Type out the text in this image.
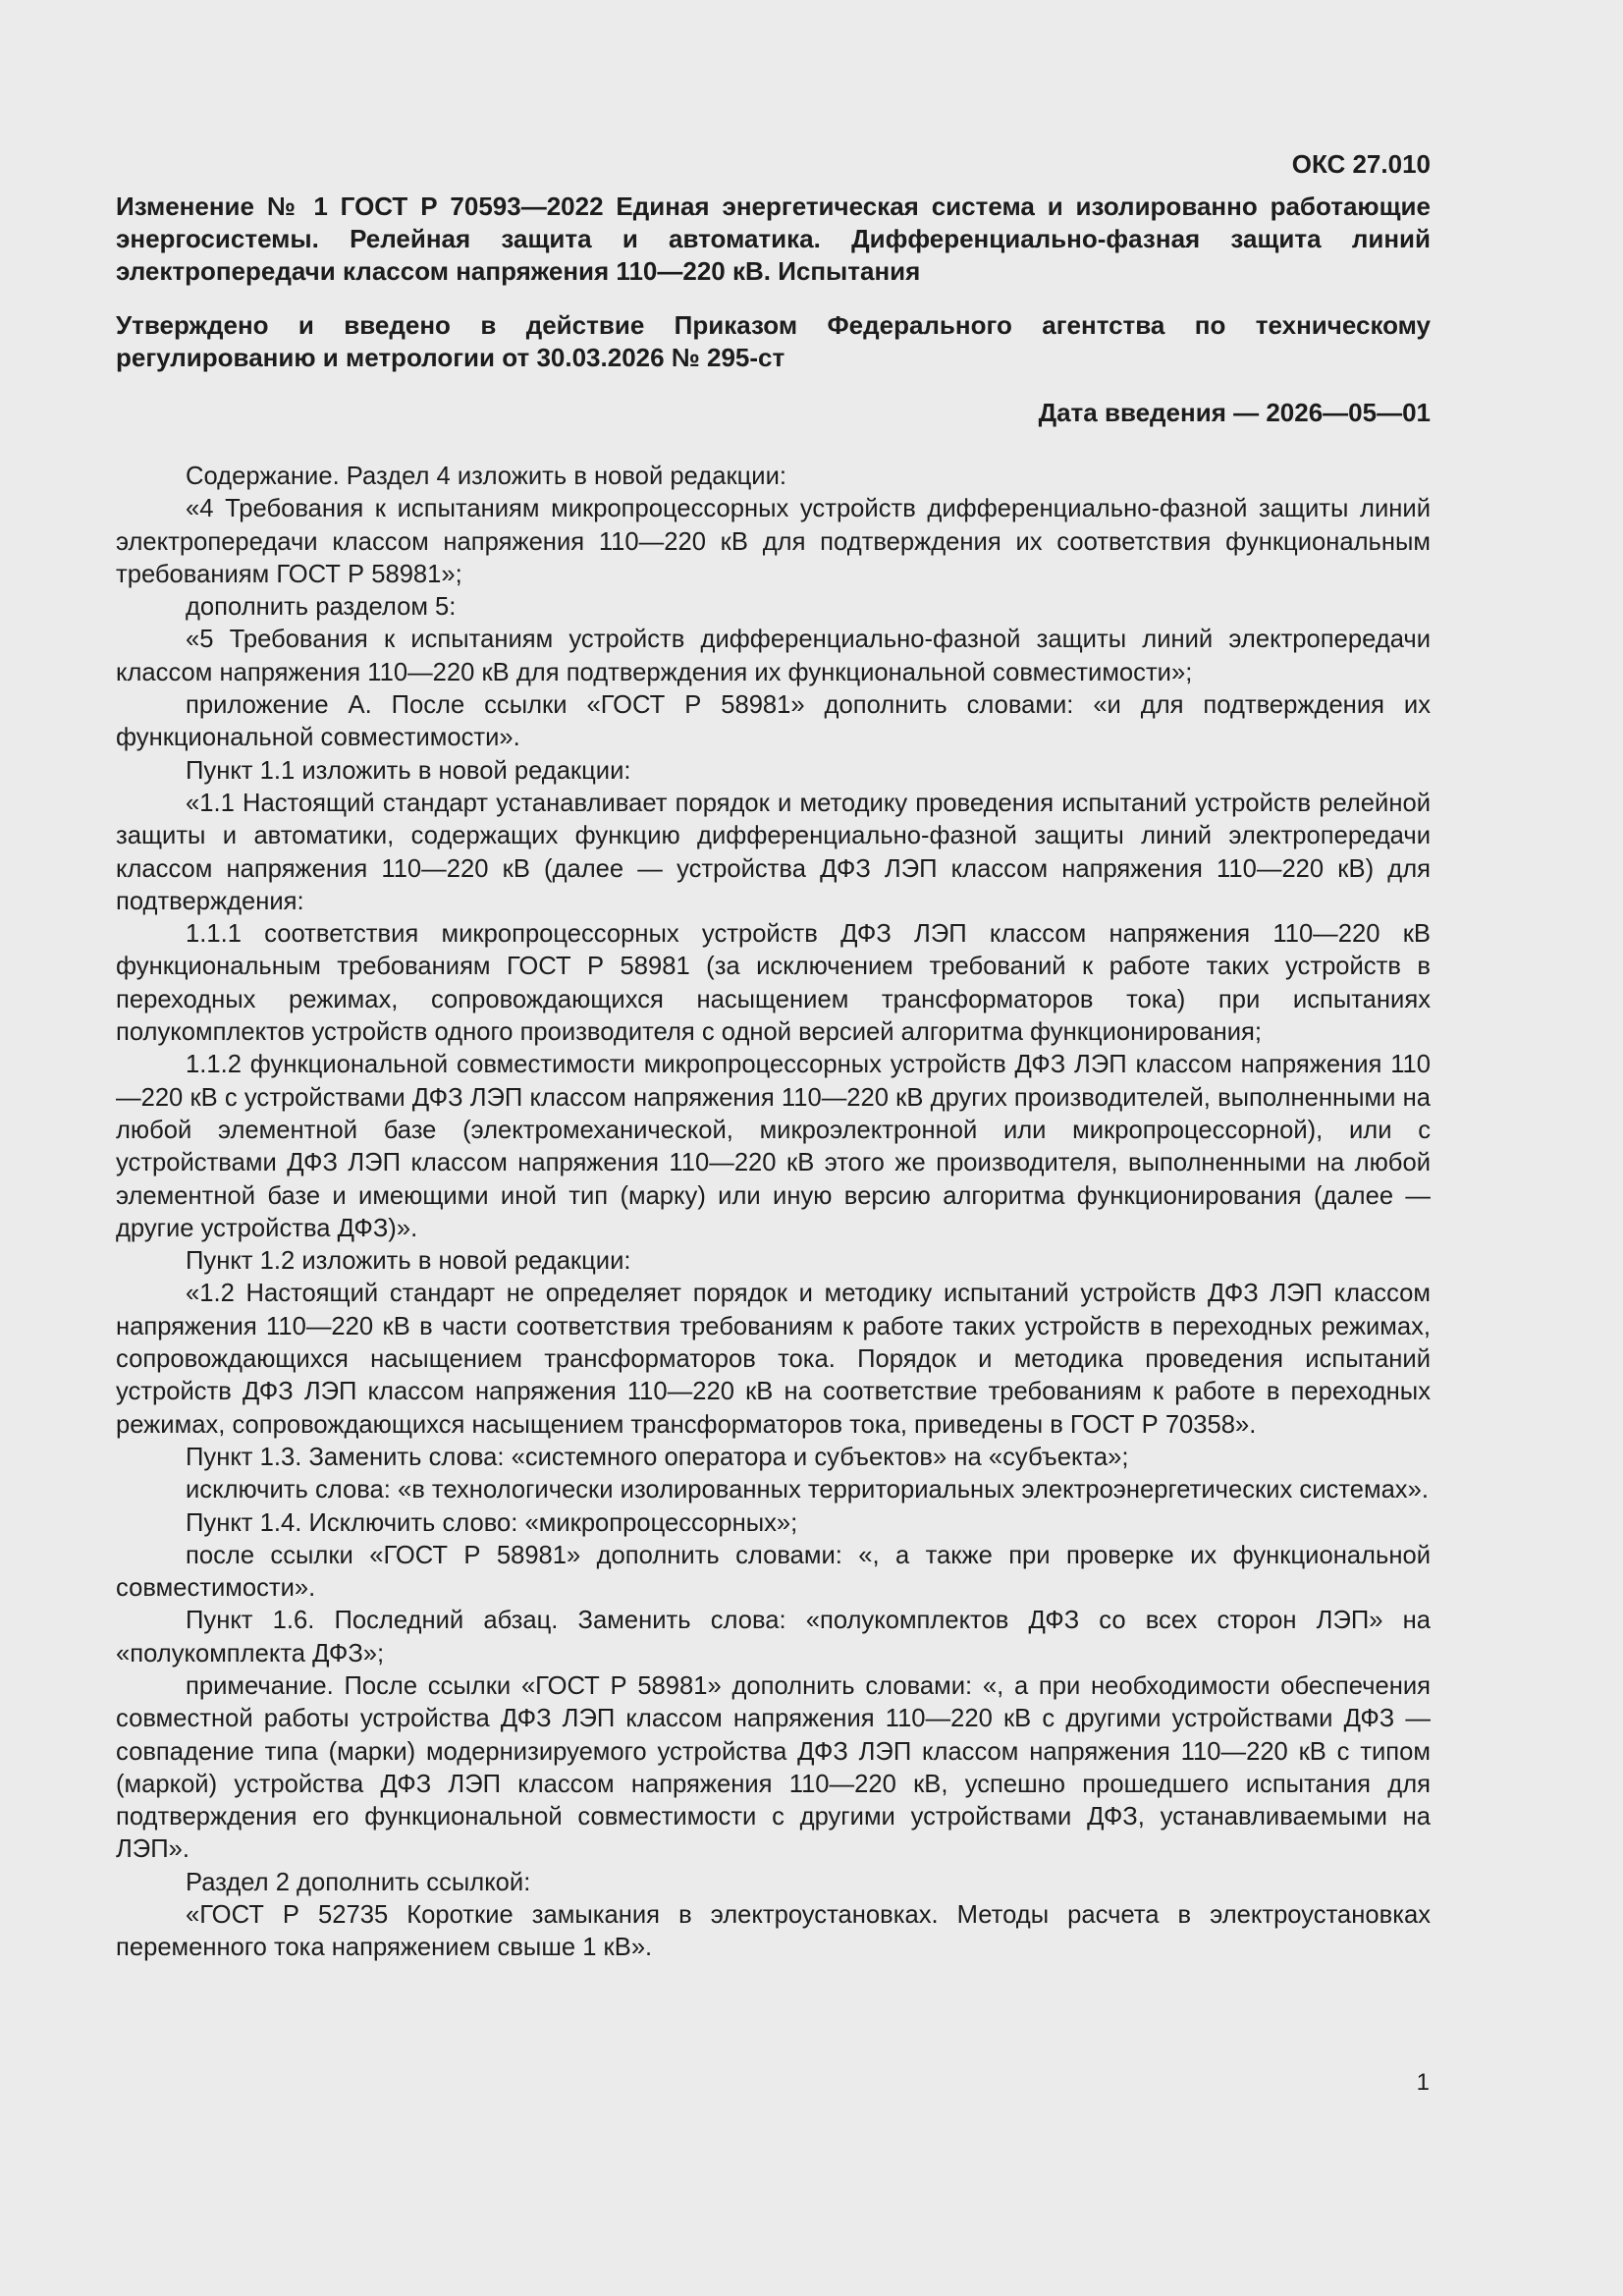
ОКС 27.010
Изменение № 1 ГОСТ Р 70593—2022 Единая энергетическая система и изолированно работающие энергосистемы. Релейная защита и автоматика. Дифференциально-фазная защита линий электропередачи классом напряжения 110—220 кВ. Испытания
Утверждено и введено в действие Приказом Федерального агентства по техническому регулированию и метрологии от 30.03.2026 № 295-ст
Дата введения — 2026—05—01

Содержание. Раздел 4 изложить в новой редакции:

«4 Требования к испытаниям микропроцессорных устройств дифференциально-фазной защиты линий электропередачи классом напряжения 110—220 кВ для подтверждения их соответствия функциональным требованиям ГОСТ Р 58981»;

дополнить разделом 5:

«5 Требования к испытаниям устройств дифференциально-фазной защиты линий электропередачи классом напряжения 110—220 кВ для подтверждения их функциональной совместимости»;

приложение А. После ссылки «ГОСТ Р 58981» дополнить словами: «и для подтверждения их функциональной совместимости».

Пункт 1.1 изложить в новой редакции:

«1.1 Настоящий стандарт устанавливает порядок и методику проведения испытаний устройств релейной защиты и автоматики, содержащих функцию дифференциально-фазной защиты линий электропередачи классом напряжения 110—220 кВ (далее — устройства ДФЗ ЛЭП классом напряжения 110—220 кВ) для подтверждения:

1.1.1 соответствия микропроцессорных устройств ДФЗ ЛЭП классом напряжения 110—220 кВ функциональным требованиям ГОСТ Р 58981 (за исключением требований к работе таких устройств в переходных режимах, сопровождающихся насыщением трансформаторов тока) при испытаниях полукомплектов устройств одного производителя с одной версией алгоритма функционирования;

1.1.2 функциональной совместимости микропроцессорных устройств ДФЗ ЛЭП классом напряжения 110—220 кВ с устройствами ДФЗ ЛЭП классом напряжения 110—220 кВ других производителей, выполненными на любой элементной базе (электромеханической, микроэлектронной или микропроцессорной), или с устройствами ДФЗ ЛЭП классом напряжения 110—220 кВ этого же производителя, выполненными на любой элементной базе и имеющими иной тип (марку) или иную версию алгоритма функционирования (далее — другие устройства ДФЗ)».

Пункт 1.2 изложить в новой редакции:

«1.2 Настоящий стандарт не определяет порядок и методику испытаний устройств ДФЗ ЛЭП классом напряжения 110—220 кВ в части соответствия требованиям к работе таких устройств в переходных режимах, сопровождающихся насыщением трансформаторов тока. Порядок и методика проведения испытаний устройств ДФЗ ЛЭП классом напряжения 110—220 кВ на соответствие требованиям к работе в переходных режимах, сопровождающихся насыщением трансформаторов тока, приведены в ГОСТ Р 70358».

Пункт 1.3. Заменить слова: «системного оператора и субъектов» на «субъекта»;

исключить слова: «в технологически изолированных территориальных электроэнергетических системах».

Пункт 1.4. Исключить слово: «микропроцессорных»;

после ссылки «ГОСТ Р 58981» дополнить словами: «, а также при проверке их функциональной совместимости».

Пункт 1.6. Последний абзац. Заменить слова: «полукомплектов ДФЗ со всех сторон ЛЭП» на «полукомплекта ДФЗ»;

примечание. После ссылки «ГОСТ Р 58981» дополнить словами: «, а при необходимости обеспечения совместной работы устройства ДФЗ ЛЭП классом напряжения 110—220 кВ с другими устройствами ДФЗ — совпадение типа (марки) модернизируемого устройства ДФЗ ЛЭП классом напряжения 110—220 кВ с типом (маркой) устройства ДФЗ ЛЭП классом напряжения 110—220 кВ, успешно прошедшего испытания для подтверждения его функциональной совместимости с другими устройствами ДФЗ, устанавливаемыми на ЛЭП».

Раздел 2 дополнить ссылкой:

«ГОСТ Р 52735 Короткие замыкания в электроустановках. Методы расчета в электроустановках переменного тока напряжением свыше 1 кВ».

1
